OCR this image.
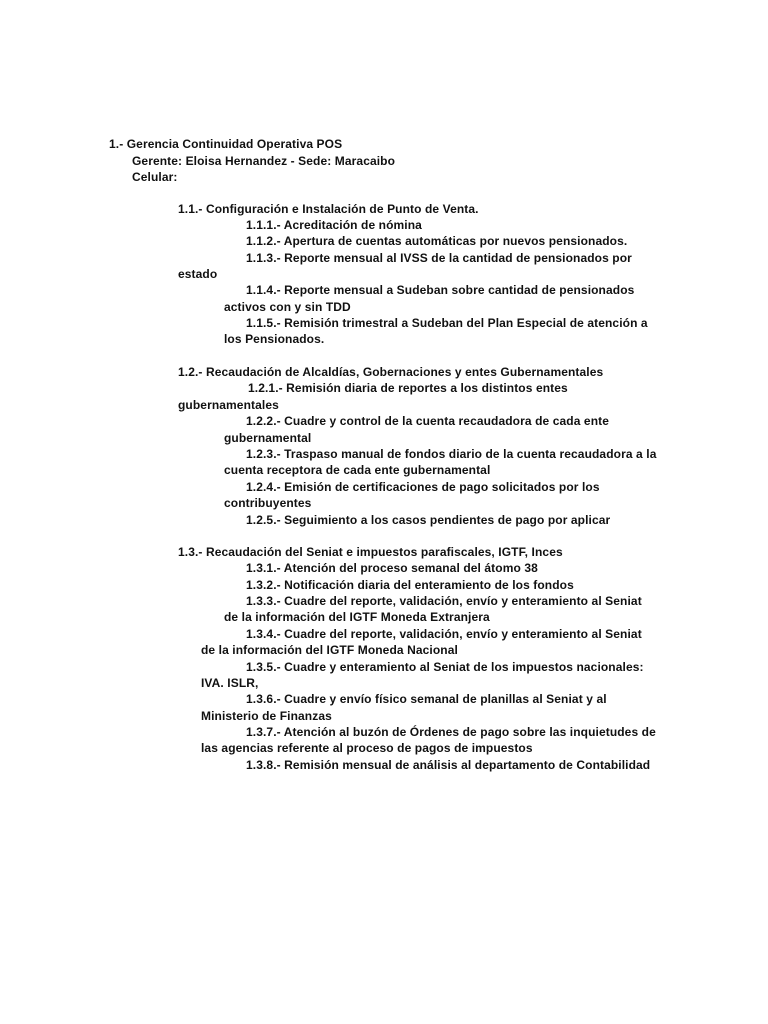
1.- Gerencia Continuidad Operativa POS
Gerente: Eloisa Hernandez - Sede: Maracaibo
Celular:
1.1.- Configuración e Instalación de Punto de Venta.
1.1.1.- Acreditación de nómina
1.1.2.- Apertura de cuentas automáticas por nuevos pensionados.
1.1.3.- Reporte mensual al IVSS de la cantidad de pensionados por
estado
1.1.4.- Reporte mensual a Sudeban sobre cantidad de pensionados
activos con y sin TDD
1.1.5.- Remisión trimestral a Sudeban del Plan Especial de atención a
los Pensionados.
1.2.- Recaudación de Alcaldías, Gobernaciones y entes Gubernamentales
1.2.1.- Remisión diaria de reportes a los distintos entes
gubernamentales
1.2.2.- Cuadre y control de la cuenta recaudadora de cada ente
gubernamental
1.2.3.- Traspaso manual de fondos diario de la cuenta recaudadora a la
cuenta receptora de cada ente gubernamental
1.2.4.- Emisión de certificaciones de pago solicitados por los
contribuyentes
1.2.5.- Seguimiento a los casos pendientes de pago por aplicar
1.3.- Recaudación del Seniat e impuestos parafiscales, IGTF, Inces
1.3.1.- Atención del proceso semanal del átomo 38
1.3.2.- Notificación diaria del enteramiento de los fondos
1.3.3.- Cuadre del reporte, validación, envío y enteramiento al Seniat
de la información del IGTF Moneda Extranjera
1.3.4.- Cuadre del reporte, validación, envío y enteramiento al Seniat
de la información del IGTF Moneda Nacional
1.3.5.- Cuadre y enteramiento al Seniat de los impuestos nacionales:
IVA. ISLR,
1.3.6.- Cuadre y envío físico semanal de planillas al Seniat y al
Ministerio de Finanzas
1.3.7.- Atención al buzón de Órdenes de pago sobre las inquietudes de
las agencias referente al proceso de pagos de impuestos
1.3.8.- Remisión mensual de análisis al departamento de Contabilidad
